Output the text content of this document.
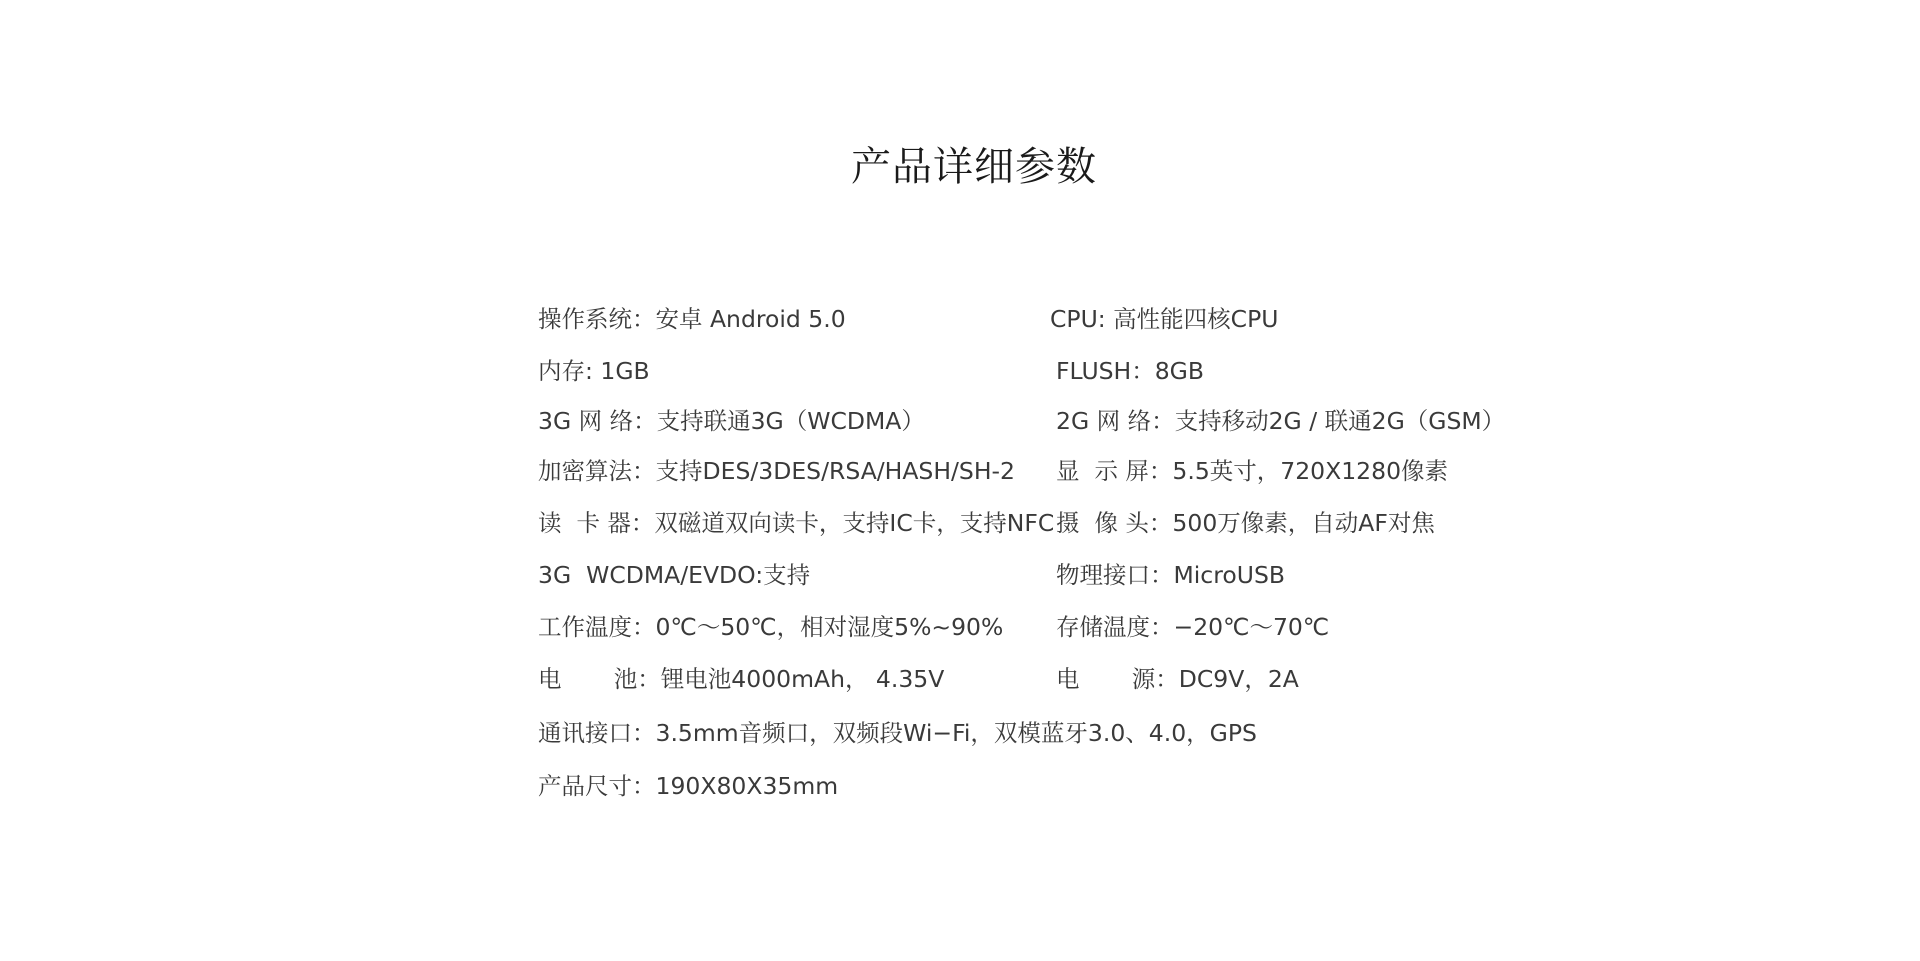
产品详细参数
操作系统：安卓 Android 5.0	CPU: 高性能四核CPU
内存: 1GB	FLUSH：8GB
3G 网 络：支持联通3G（WCDMA）	2G 网 络：支持移动2G / 联通2G（GSM）
加密算法：支持DES/3DES/RSA/HASH/SH-2 显  示 屏：5.5英寸，720X1280像素
读  卡 器：双磁道双向读卡，支持IC卡，支持NFC 摄  像 头：500万像素，自动AF对焦
3G  WCDMA/EVDO:支持	物理接口：MicroUSB
工作温度：0℃～50℃，相对湿度5%~90% 存储温度：−20℃～70℃
电       池：锂电池4000mAh， 4.35V	电       源：DC9V，2A
通讯接口：3.5mm音频口，双频段Wi−Fi，双模蓝牙3.0、4.0，GPS
产品尺寸：190X80X35mm
